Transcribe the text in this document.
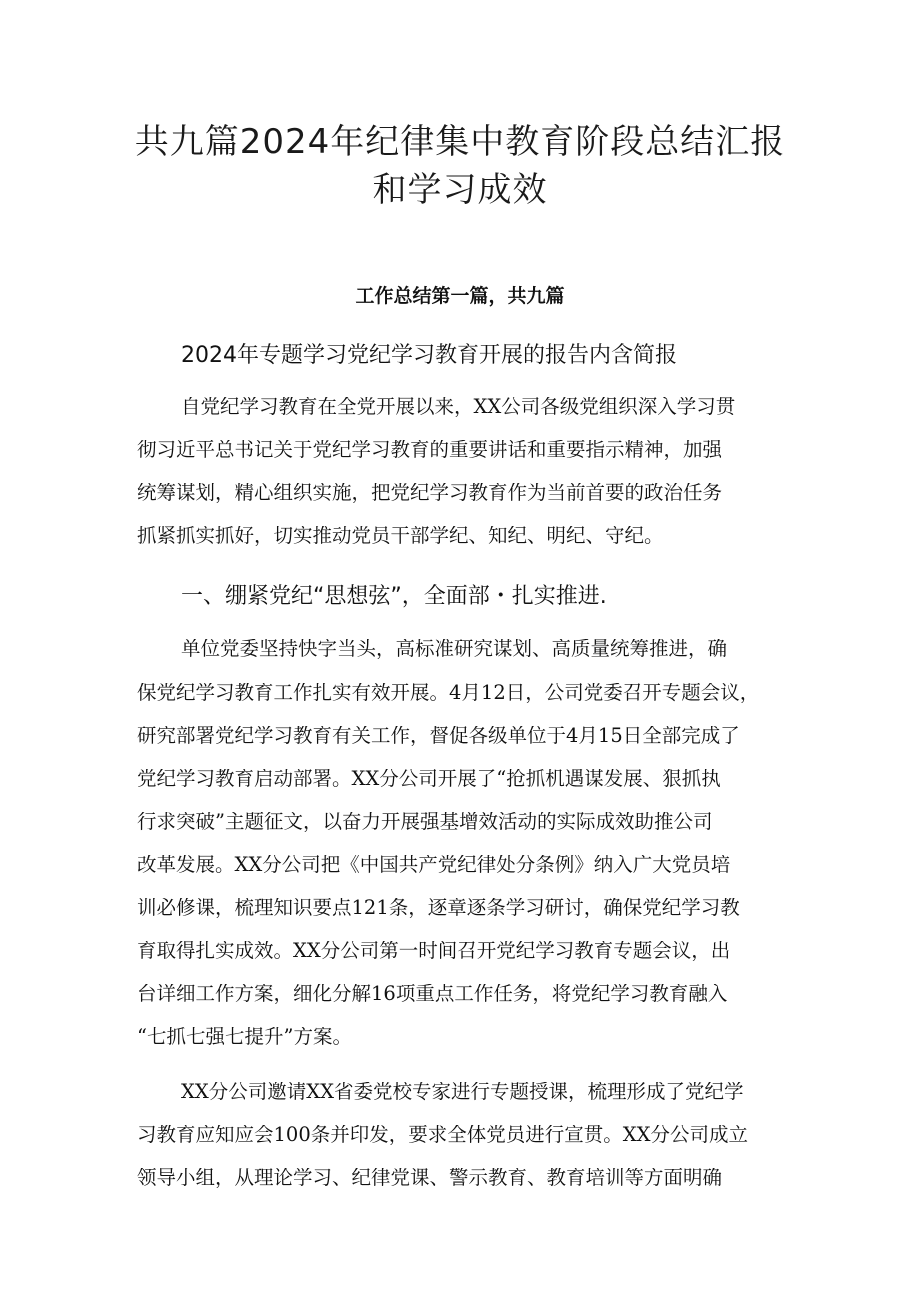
共九篇2024年纪律集中教育阶段总结汇报
和学习成效
工作总结第一篇，共九篇
2024年专题学习党纪学习教育开展的报告内含简报
自党纪学习教育在全党开展以来，XX公司各级党组织深入学习贯
彻习近平总书记关于党纪学习教育的重要讲话和重要指示精神，加强
统筹谋划，精心组织实施，把党纪学习教育作为当前首要的政治任务
抓紧抓实抓好，切实推动党员干部学纪、知纪、明纪、守纪。
一、绷紧党纪“思想弦”，全面部・扎实推进.
单位党委坚持快字当头，高标准研究谋划、高质量统筹推进，确
保党纪学习教育工作扎实有效开展。4月12日，公司党委召开专题会议，
研究部署党纪学习教育有关工作，督促各级单位于4月15日全部完成了
党纪学习教育启动部署。XX分公司开展了“抢抓机遇谋发展、狠抓执
行求突破”主题征文，以奋力开展强基增效活动的实际成效助推公司
改革发展。XX分公司把《中国共产党纪律处分条例》纳入广大党员培
训必修课，梳理知识要点121条，逐章逐条学习研讨，确保党纪学习教
育取得扎实成效。XX分公司第一时间召开党纪学习教育专题会议，出
台详细工作方案，细化分解16项重点工作任务，将党纪学习教育融入
“七抓七强七提升”方案。
XX分公司邀请XX省委党校专家进行专题授课，梳理形成了党纪学
习教育应知应会100条并印发，要求全体党员进行宣贯。XX分公司成立
领导小组，从理论学习、纪律党课、警示教育、教育培训等方面明确
